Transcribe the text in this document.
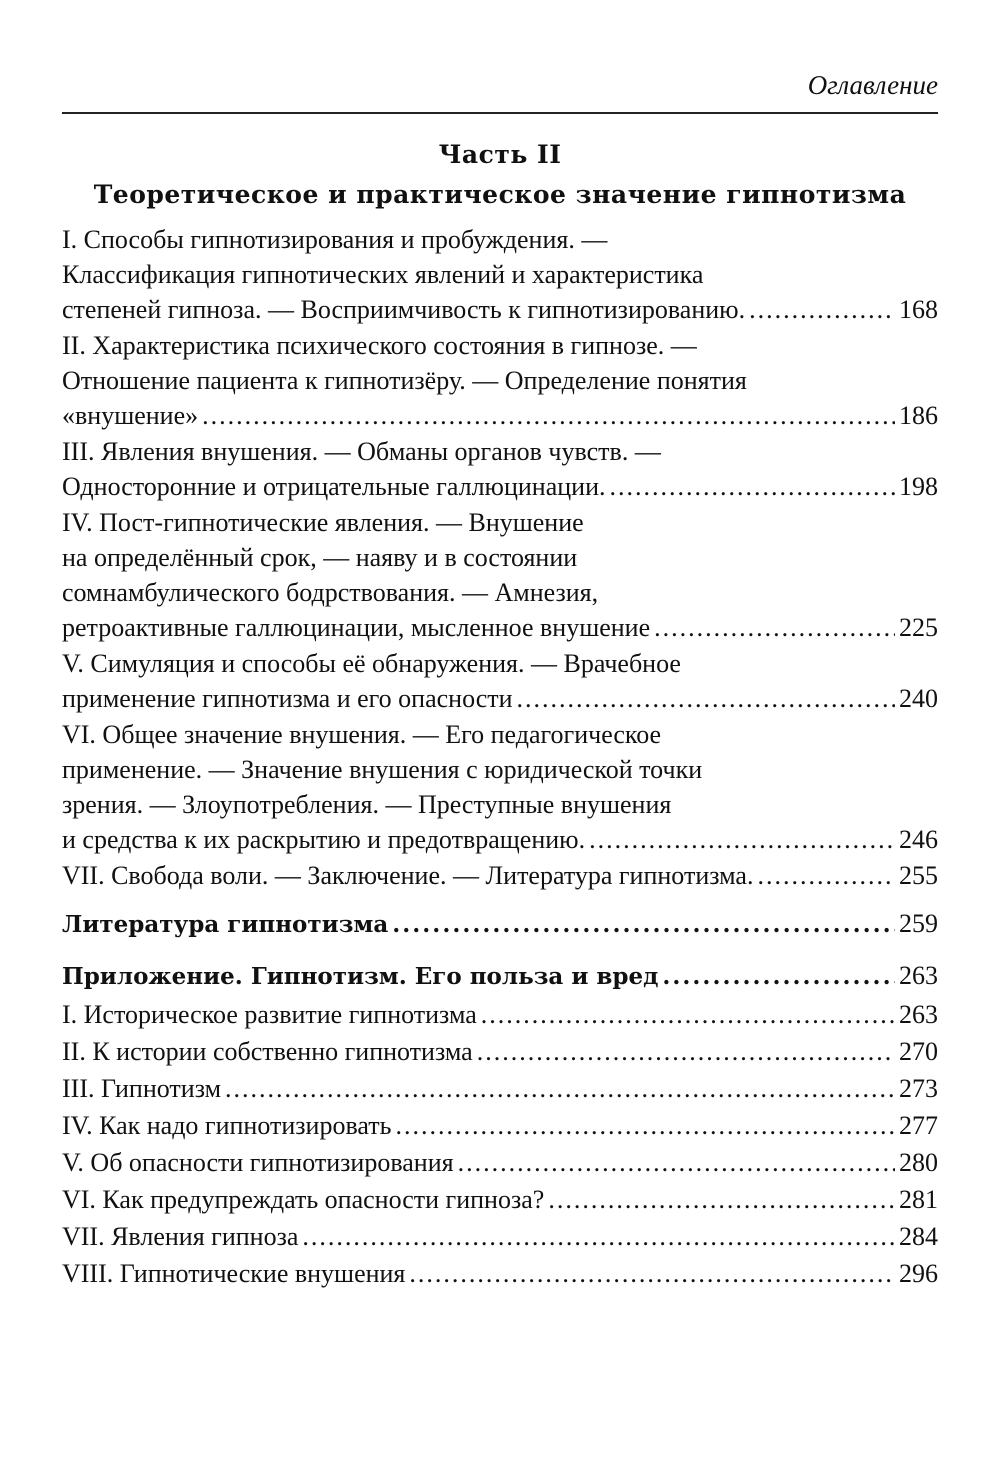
Оглавление
Часть II
Теоретическое и практическое значение гипнотизма
I. Способы гипнотизирования и пробуждения. —
Классификация гипнотических явлений и характеристика
степеней гипноза. — Восприимчивость к гипнотизированию. .....	168
II. Характеристика психического состояния в гипнозе. —
Отношение пациента к гипнотизёру. — Определение понятия
«внушение» .....	186
III. Явления внушения. — Обманы органов чувств. —
Односторонние и отрицательные галлюцинации. .....	198
IV. Пост-гипнотические явления. — Внушение
на определённый срок, — наяву и в состоянии
сомнамбулического бодрствования. — Амнезия,
ретроактивные галлюцинации, мысленное внушение .....	225
V. Симуляция и способы её обнаружения. — Врачебное
применение гипнотизма и его опасности .....	240
VI. Общее значение внушения. — Его педагогическое
применение. — Значение внушения с юридической точки
зрения. — Злоупотребления. — Преступные внушения
и средства к их раскрытию и предотвращению. .....	246
VII. Свобода воли. — Заключение. — Литература гипнотизма. .....	255
Литература гипнотизма .....	259
Приложение. Гипнотизм. Его польза и вред .....	263
I. Историческое развитие гипнотизма .....	263
II. К истории собственно гипнотизма .....	270
III. Гипнотизм .....	273
IV. Как надо гипнотизировать .....	277
V. Об опасности гипнотизирования .....	280
VI. Как предупреждать опасности гипноза? .....	281
VII. Явления гипноза .....	284
VIII. Гипнотические внушения .....	296
